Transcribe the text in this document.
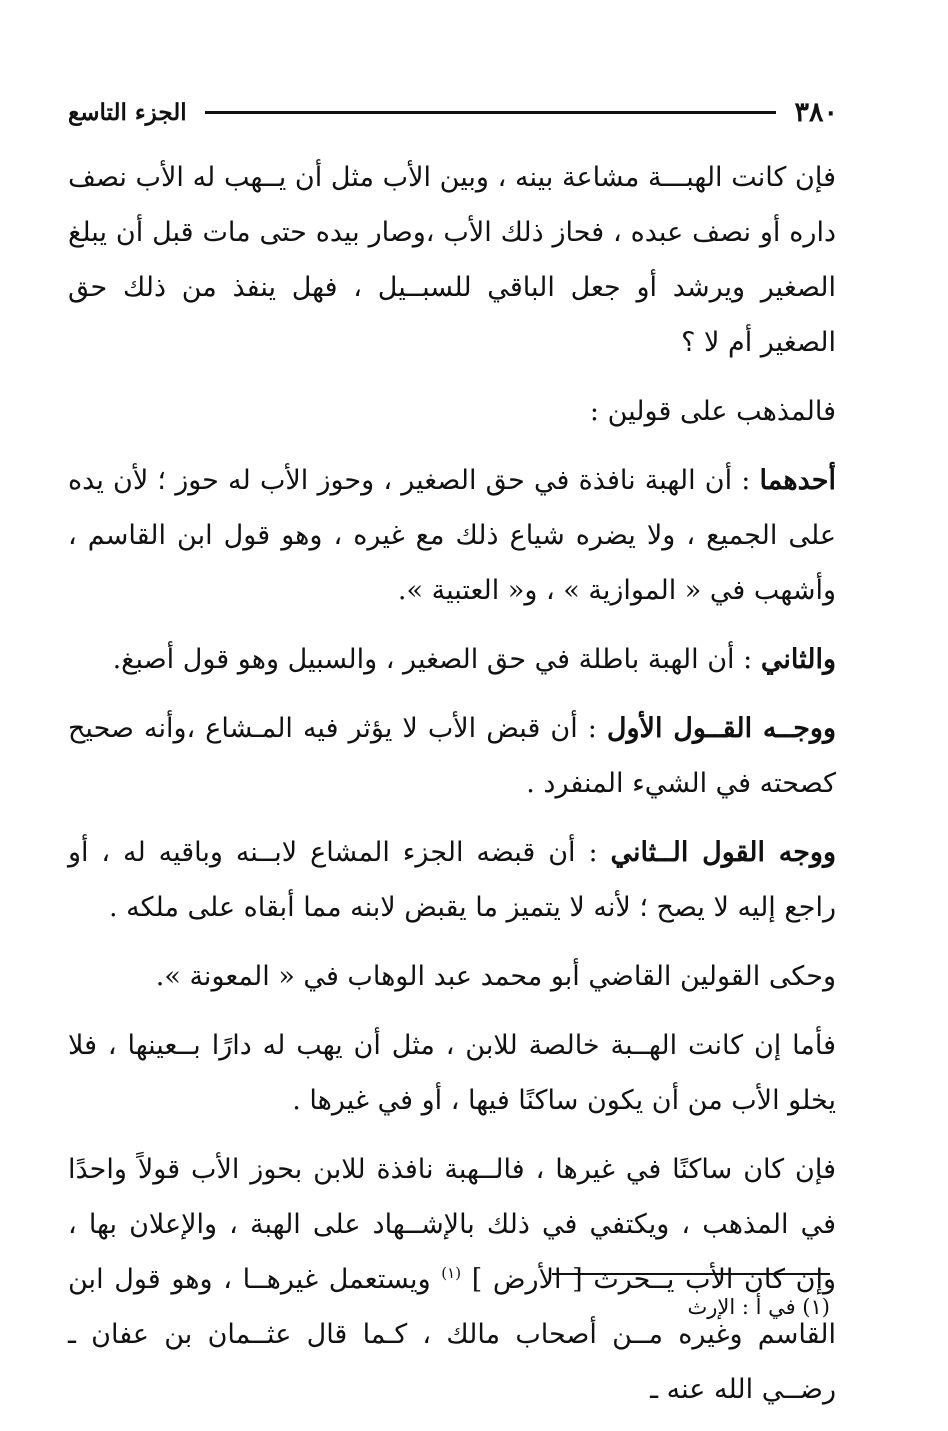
٣٨٠
الجزء التاسع

فإن كانت الهبـــة مشاعة بينه ، وبين الأب مثل أن يــهب له الأب نصف داره أو نصف عبده ، فحاز ذلك الأب ،وصار بيده حتى مات قبل أن يبلغ الصغير ويرشد أو جعل الباقي للسبــيل ، فهل ينفذ من ذلك حق الصغير أم لا ؟

فالمذهب على قولين :

أحدهما : أن الهبة نافذة في حق الصغير ، وحوز الأب له حوز ؛ لأن يده على الجميع ، ولا يضره شياع ذلك مع غيره ، وهو قول ابن القاسم ، وأشهب في « الموازية » ، و« العتبية ».

والثاني : أن الهبة باطلة في حق الصغير ، والسبيل وهو قول أصبغ.

ووجــه القــول الأول : أن قبض الأب لا يؤثر فيه المـشاع ،وأنه صحيح كصحته في الشيء المنفرد .

ووجه القول الــثاني : أن قبضه الجزء المشاع لابــنه وباقيه له ، أو راجع إليه لا يصح ؛ لأنه لا يتميز ما يقبض لابنه مما أبقاه على ملكه .

وحكى القولين القاضي أبو محمد عبد الوهاب في « المعونة ».

فأما إن كانت الهــبة خالصة للابن ، مثل أن يهب له دارًا بــعينها ، فلا يخلو الأب من أن يكون ساكنًا فيها ، أو في غيرها .

فإن كان ساكنًا في غيرها ، فالــهبة نافذة للابن بحوز الأب قولاً واحدًا في المذهب ، ويكتفي في ذلك بالإشــهاد على الهبة ، والإعلان بها ، وإن كان الأب يــحرث [ الأرض ] $^{(١)}$ ويستعمل غيرهــا ، وهو قول ابن القاسم وغيره مــن أصحاب مالك ، كـما قال عثــمان بن عفان ـ رضــي الله عنه ـ

(١) في أ : الإرث
